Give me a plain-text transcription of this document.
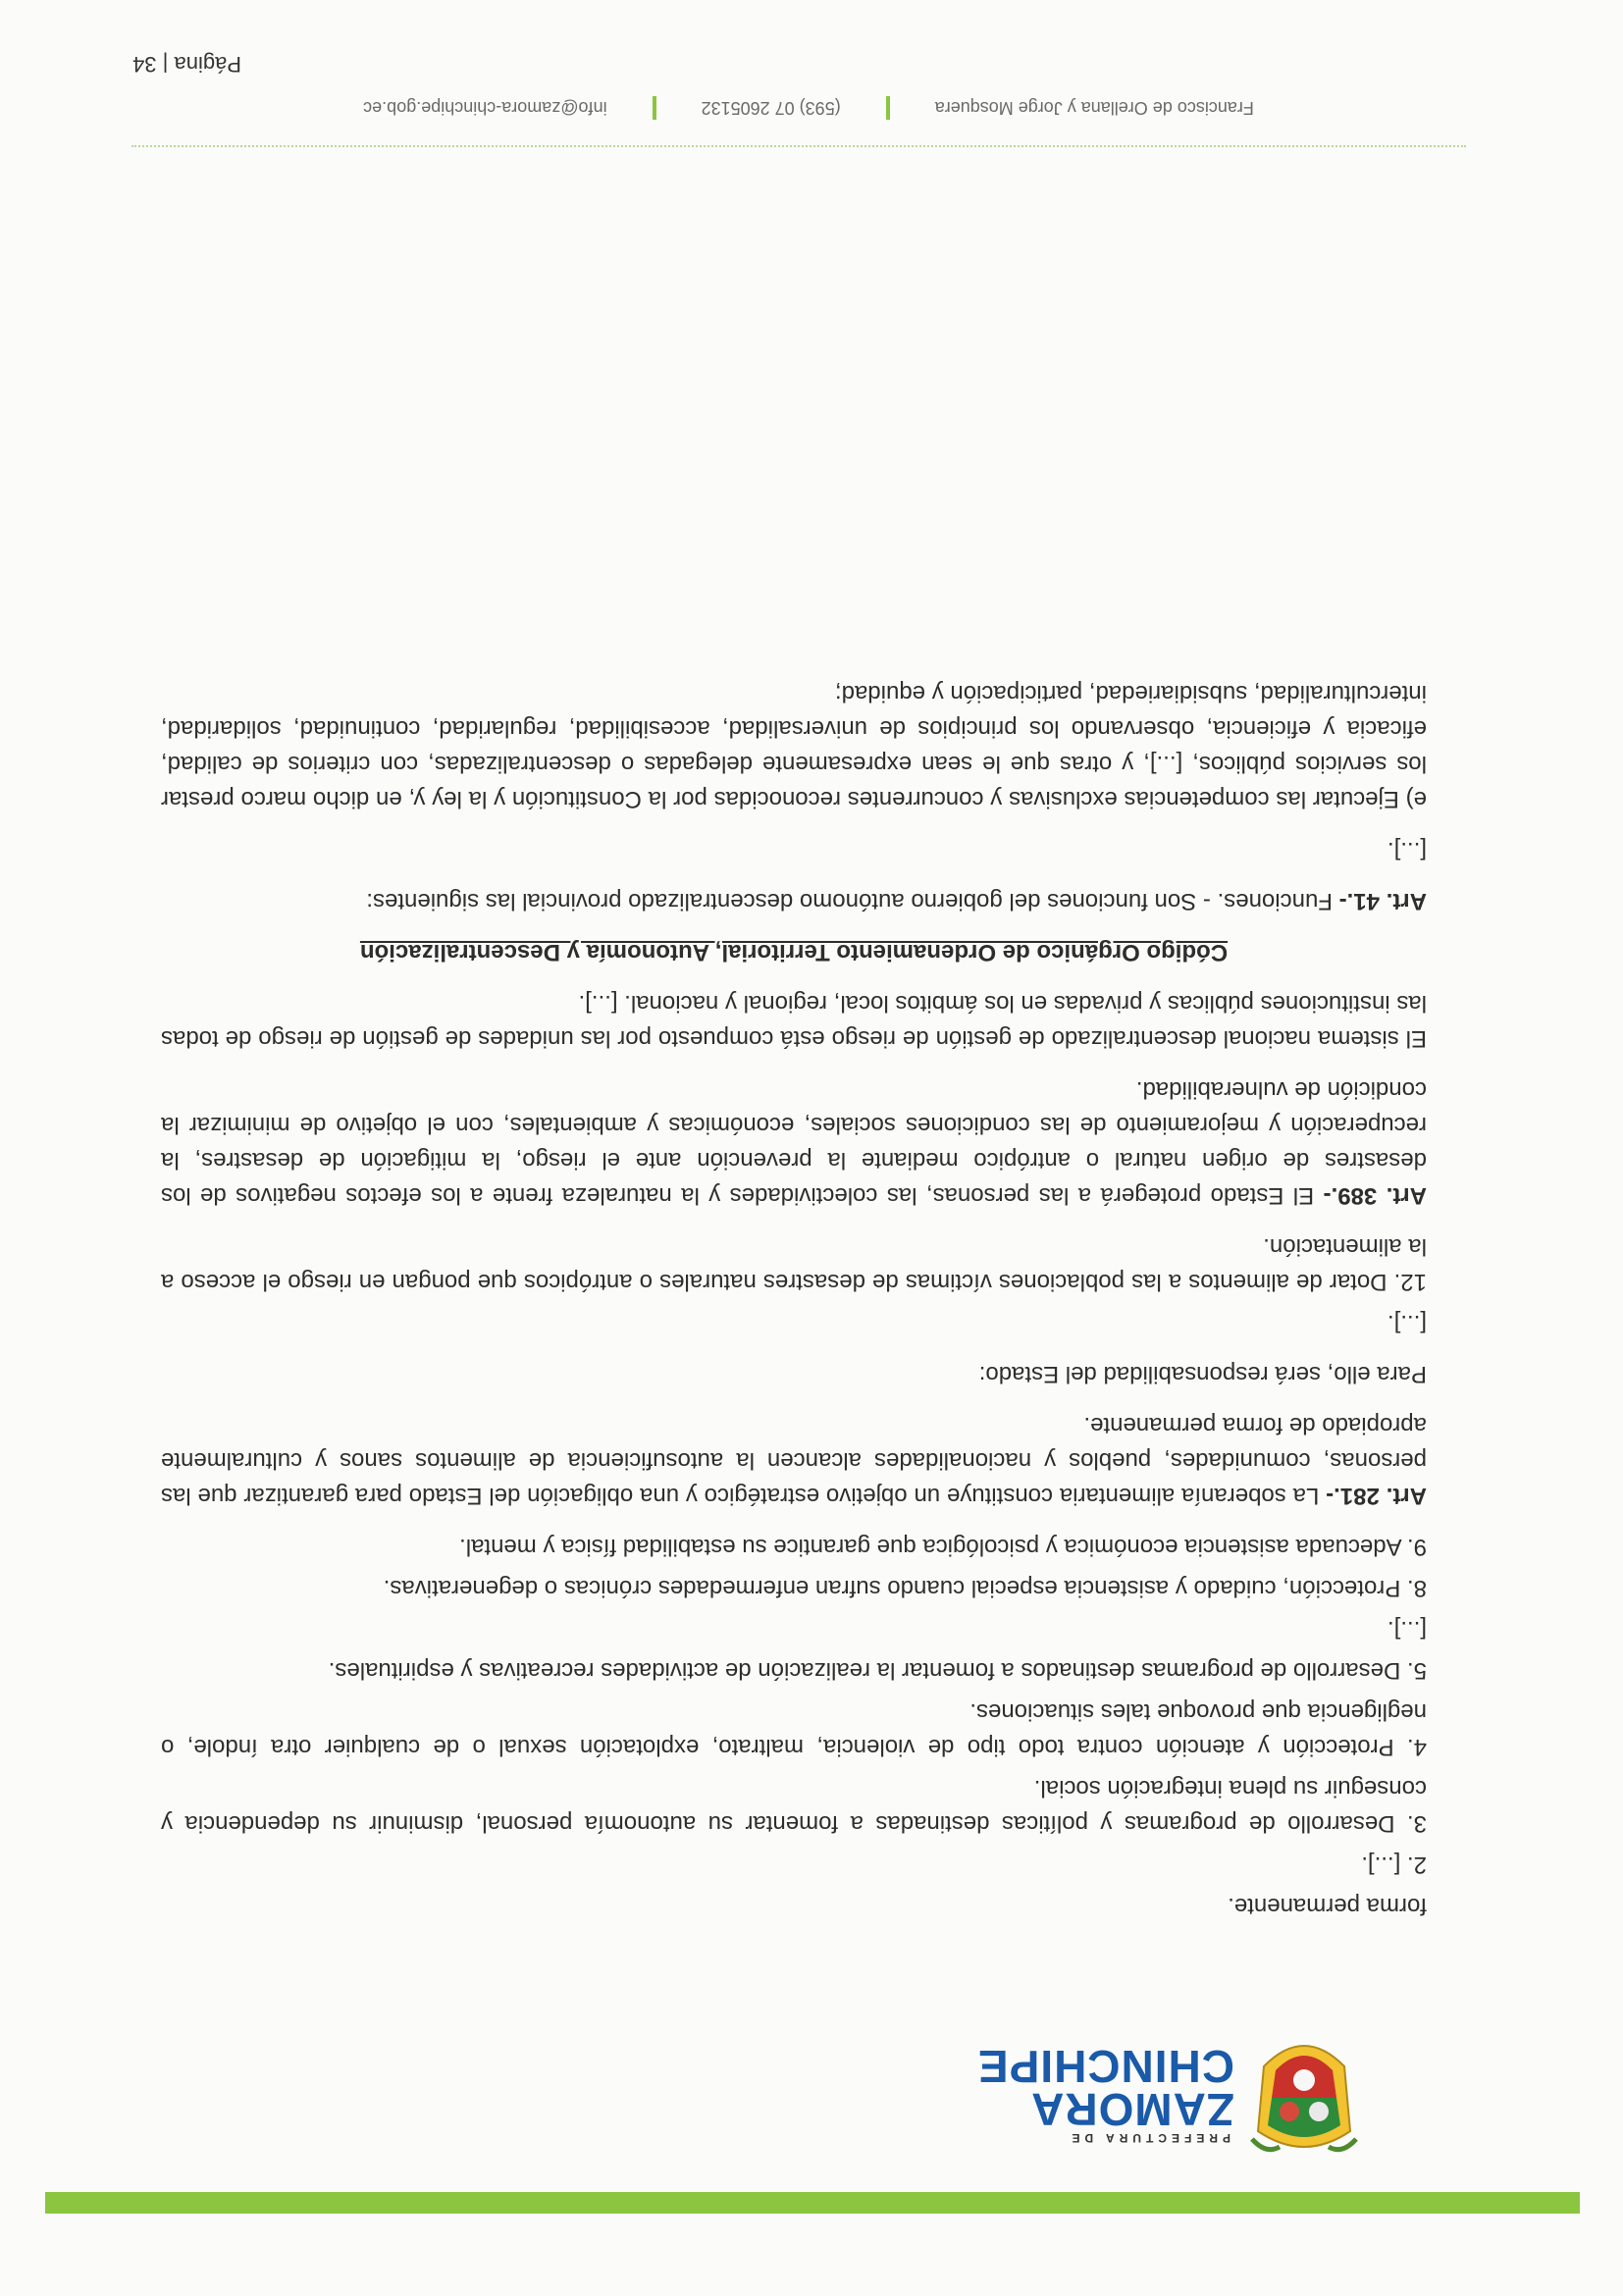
PREFECTURA DE
ZAMORA
CHINCHIPE

forma permanente.

2. [...].

3. Desarrollo de programas y políticas destinadas a fomentar su autonomía personal, disminuir su dependencia y conseguir su plena integración social.

4. Protección y atención contra todo tipo de violencia, maltrato, explotación sexual o de cualquier otra índole, o negligencia que provoque tales situaciones.

5. Desarrollo de programas destinados a fomentar la realización de actividades recreativas y espirituales.

[...].

8. Protección, cuidado y asistencia especial cuando sufran enfermedades crónicas o degenerativas.

9. Adecuada asistencia económica y psicológica que garantice su estabilidad física y mental.

Art. 281.- La soberanía alimentaria constituye un objetivo estratégico y una obligación del Estado para garantizar que las personas, comunidades, pueblos y nacionalidades alcancen la autosuficiencia de alimentos sanos y culturalmente apropiado de forma permanente.

Para ello, será responsabilidad del Estado:

[...].

12. Dotar de alimentos a las poblaciones víctimas de desastres naturales o antrópicos que pongan en riesgo el acceso a la alimentación.

Art. 389.- El Estado protegerá a las personas, las colectividades y la naturaleza frente a los efectos negativos de los desastres de origen natural o antrópico mediante la prevención ante el riesgo, la mitigación de desastres, la recuperación y mejoramiento de las condiciones sociales, económicas y ambientales, con el objetivo de minimizar la condición de vulnerabilidad.

El sistema nacional descentralizado de gestión de riesgo está compuesto por las unidades de gestión de riesgo de todas las instituciones públicas y privadas en los ámbitos local, regional y nacional. [...].

Código Orgánico de Ordenamiento Territorial, Autonomía y Descentralización

Art. 41.- Funciones. - Son funciones del gobierno autónomo descentralizado provincial las siguientes:

[...].

e) Ejecutar las competencias exclusivas y concurrentes reconocidas por la Constitución y la ley y, en dicho marco prestar los servicios públicos, [...], y otras que le sean expresamente delegadas o descentralizadas, con criterios de calidad, eficacia y eficiencia, observando los principios de universalidad, accesibilidad, regularidad, continuidad, solidaridad, interculturalidad, subsidiariedad, participación y equidad;

Francisco de Orellana y Jorge Mosquera
(593) 07 2605132
info@zamora-chinchipe.gob.ec
Página | 34
